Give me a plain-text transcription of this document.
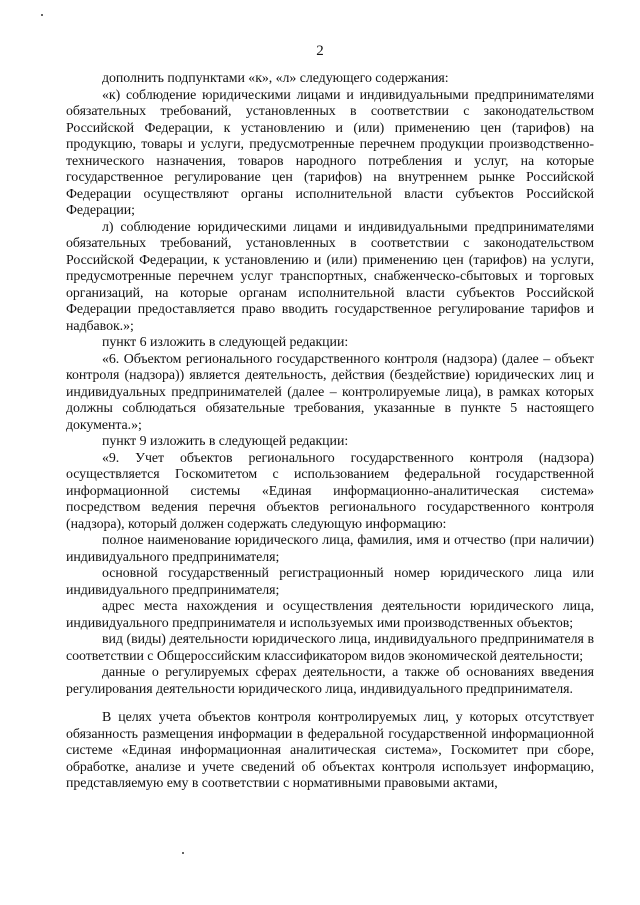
2

дополнить подпунктами «к», «л» следующего содержания:

«к) соблюдение юридическими лицами и индивидуальными предпринимателями обязательных требований, установленных в соответствии с законодательством Российской Федерации, к установлению и (или) применению цен (тарифов) на продукцию, товары и услуги, предусмотренные перечнем продукции производственно-технического назначения, товаров народного потребления и услуг, на которые государственное регулирование цен (тарифов) на внутреннем рынке Российской Федерации осуществляют органы исполнительной власти субъектов Российской Федерации;

л) соблюдение юридическими лицами и индивидуальными предпринимателями обязательных требований, установленных в соответствии с законодательством Российской Федерации, к установлению и (или) применению цен (тарифов) на услуги, предусмотренные перечнем услуг транспортных, снабженческо-сбытовых и торговых организаций, на которые органам исполнительной власти субъектов Российской Федерации предоставляется право вводить государственное регулирование тарифов и надбавок.»;

пункт 6 изложить в следующей редакции:

«6. Объектом регионального государственного контроля (надзора) (далее – объект контроля (надзора)) является деятельность, действия (бездействие) юридических лиц и индивидуальных предпринимателей (далее – контролируемые лица), в рамках которых должны соблюдаться обязательные требования, указанные в пункте 5 настоящего документа.»;

пункт 9 изложить в следующей редакции:

«9. Учет объектов регионального государственного контроля (надзора) осуществляется Госкомитетом с использованием федеральной государственной информационной системы «Единая информационно-аналитическая система» посредством ведения перечня объектов регионального государственного контроля (надзора), который должен содержать следующую информацию:

полное наименование юридического лица, фамилия, имя и отчество (при наличии) индивидуального предпринимателя;

основной государственный регистрационный номер юридического лица или индивидуального предпринимателя;

адрес места нахождения и осуществления деятельности юридического лица, индивидуального предпринимателя и используемых ими производственных объектов;

вид (виды) деятельности юридического лица, индивидуального предпринимателя в соответствии с Общероссийским классификатором видов экономической деятельности;

данные о регулируемых сферах деятельности, а также об основаниях введения регулирования деятельности юридического лица, индивидуального предпринимателя.

В целях учета объектов контроля контролируемых лиц, у которых отсутствует обязанность размещения информации в федеральной государственной информационной системе «Единая информационная аналитическая система», Госкомитет при сборе, обработке, анализе и учете сведений об объектах контроля использует информацию, представляемую ему в соответствии с нормативными правовыми актами,
